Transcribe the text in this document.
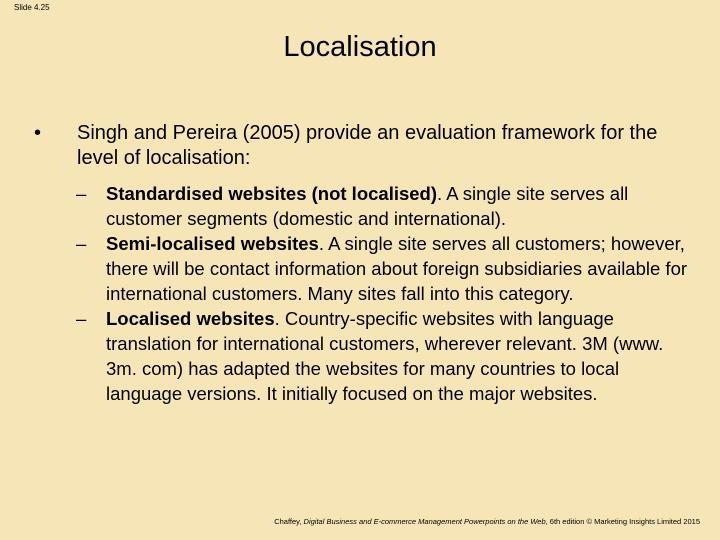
Slide 4.25
Localisation
• Singh and Pereira (2005) provide an evaluation framework for the level of localisation:
– Standardised websites (not localised). A single site serves all customer segments (domestic and international).
– Semi-localised websites. A single site serves all customers; however, there will be contact information about foreign subsidiaries available for international customers. Many sites fall into this category.
– Localised websites. Country-specific websites with language translation for international customers, wherever relevant. 3M (www. 3m. com) has adapted the websites for many countries to local language versions. It initially focused on the major websites.
Chaffey, Digital Business and E-commerce Management Powerpoints on the Web, 6th edition © Marketing Insights Limited 2015
